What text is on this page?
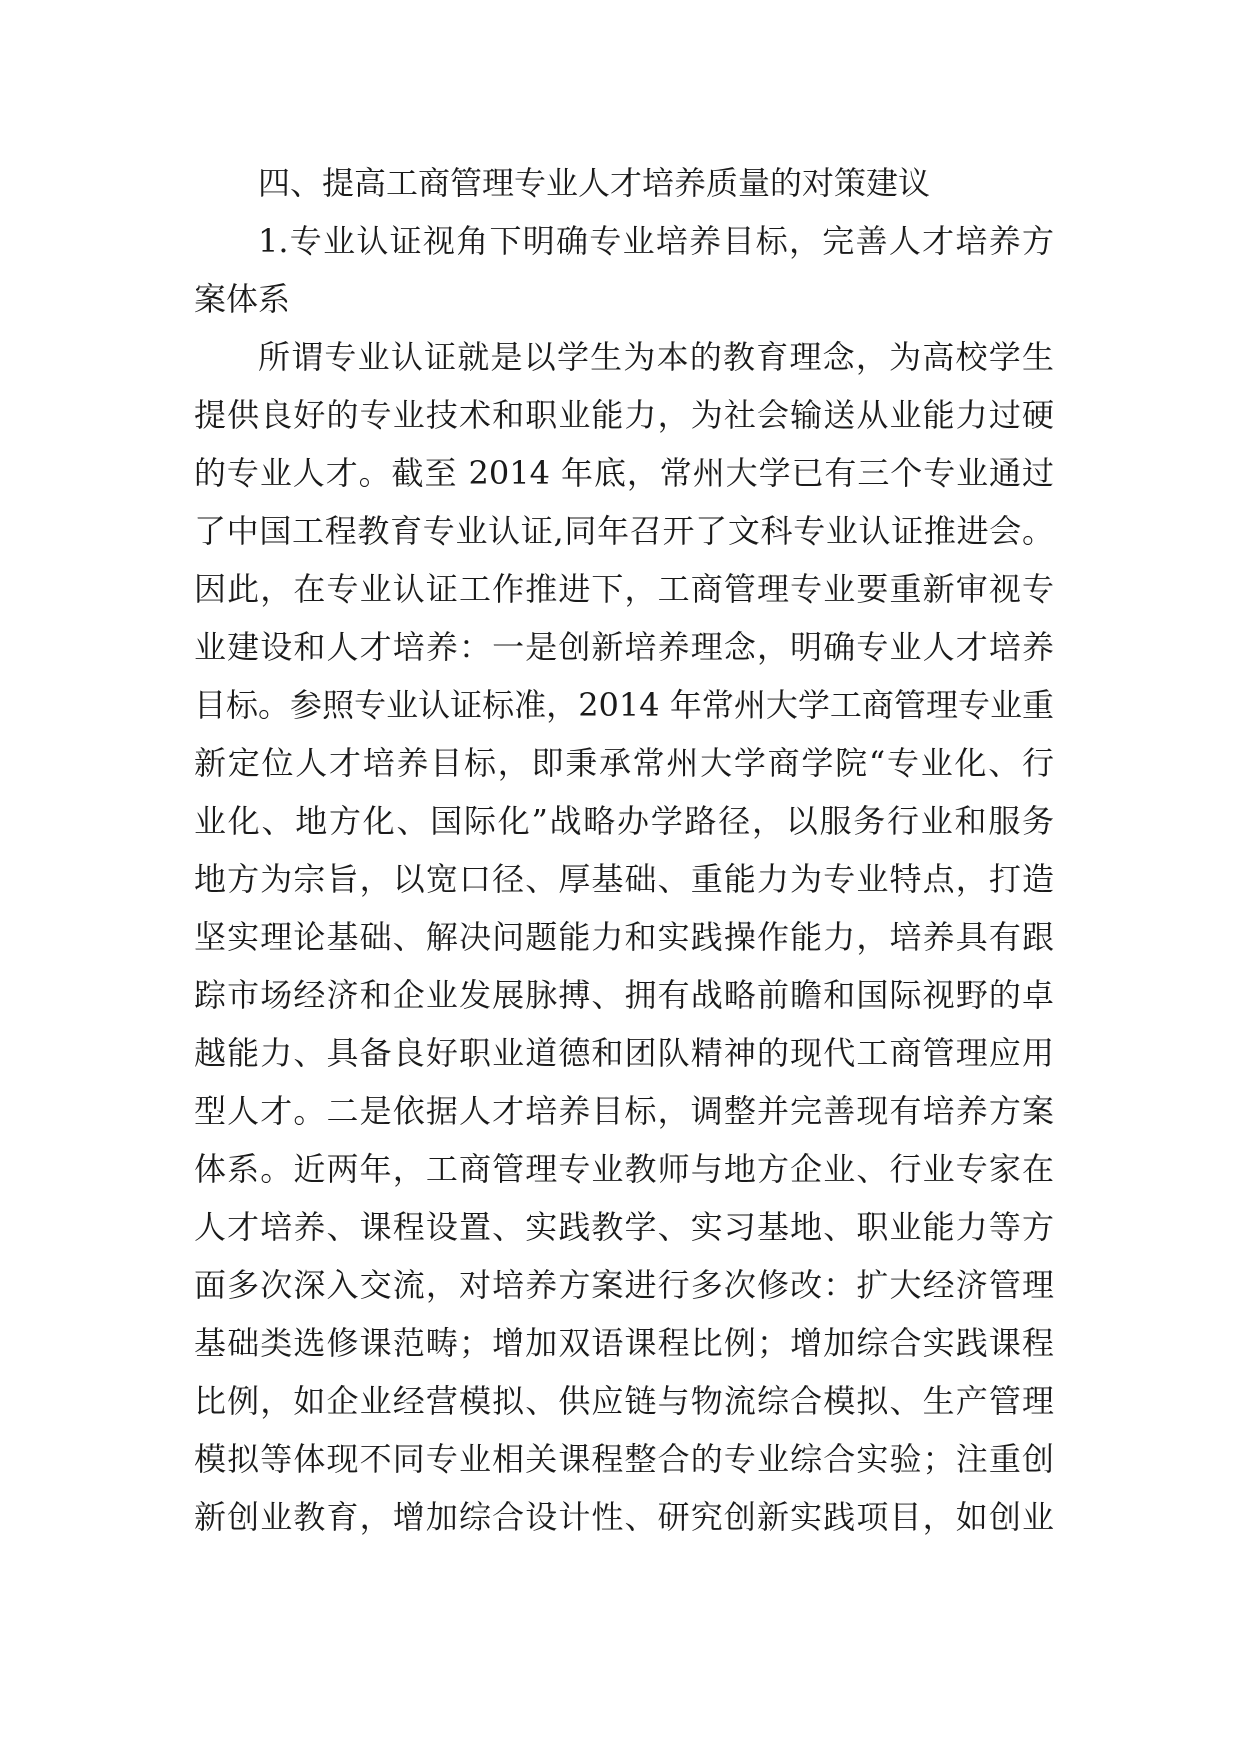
四、提高工商管理专业人才培养质量的对策建议
1.专业认证视角下明确专业培养目标，完善人才培养方
案体系
所谓专业认证就是以学生为本的教育理念，为高校学生
提供良好的专业技术和职业能力，为社会输送从业能力过硬
的专业人才。截至 2014 年底，常州大学已有三个专业通过
了中国工程教育专业认证,同年召开了文科专业认证推进会。
因此，在专业认证工作推进下，工商管理专业要重新审视专
业建设和人才培养：一是创新培养理念，明确专业人才培养
目标。参照专业认证标准，2014 年常州大学工商管理专业重
新定位人才培养目标，即秉承常州大学商学院“专业化、行
业化、地方化、国际化”战略办学路径，以服务行业和服务
地方为宗旨，以宽口径、厚基础、重能力为专业特点，打造
坚实理论基础、解决问题能力和实践操作能力，培养具有跟
踪市场经济和企业发展脉搏、拥有战略前瞻和国际视野的卓
越能力、具备良好职业道德和团队精神的现代工商管理应用
型人才。二是依据人才培养目标，调整并完善现有培养方案
体系。近两年，工商管理专业教师与地方企业、行业专家在
人才培养、课程设置、实践教学、实习基地、职业能力等方
面多次深入交流，对培养方案进行多次修改：扩大经济管理
基础类选修课范畴；增加双语课程比例；增加综合实践课程
比例，如企业经营模拟、供应链与物流综合模拟、生产管理
模拟等体现不同专业相关课程整合的专业综合实验；注重创
新创业教育，增加综合设计性、研究创新实践项目，如创业
